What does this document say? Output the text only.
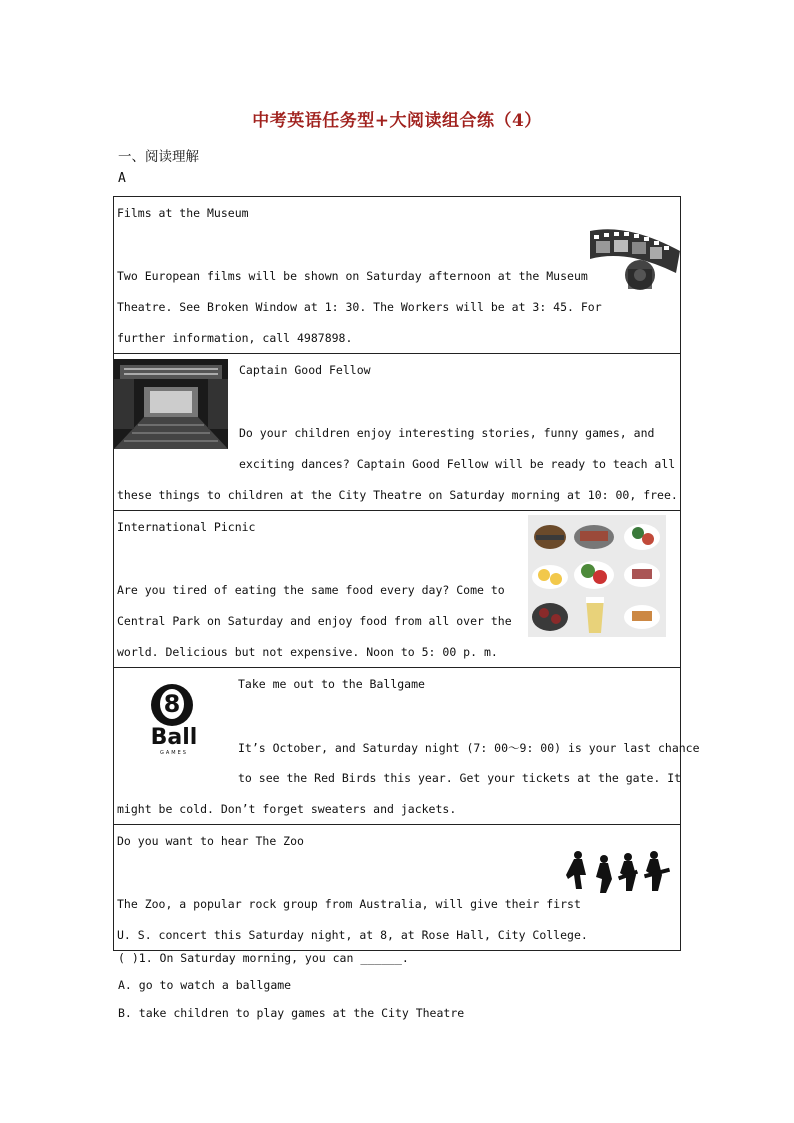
中考英语任务型+大阅读组合练（4）
一、阅读理解
A
Films at the Museum
Two European films will be shown on Saturday afternoon at the Museum
Theatre. See Broken Window at 1: 30. The Workers will be at 3: 45. For
further information, call 4987898.

Captain Good Fellow
Do your children enjoy interesting stories, funny games, and
exciting dances? Captain Good Fellow will be ready to teach all
these things to children at the City Theatre on Saturday morning at 10: 00, free.

International Picnic
Are you tired of eating the same food every day? Come to
Central Park on Saturday and enjoy food from all over the
world. Delicious but not expensive. Noon to 5: 00 p. m.

8
Ball
GAMES
Take me out to the Ballgame
It’s October, and Saturday night (7: 00～9: 00) is your last chance
to see the Red Birds this year. Get your tickets at the gate. It
might be cold. Don’t forget sweaters and jackets.

Do you want to hear The Zoo
The Zoo, a popular rock group from Australia, will give their first
U. S. concert this Saturday night, at 8, at Rose Hall, City College.
( )1. On Saturday morning, you can ______.
A. go to watch a ballgame
B. take children to play games at the City Theatre
